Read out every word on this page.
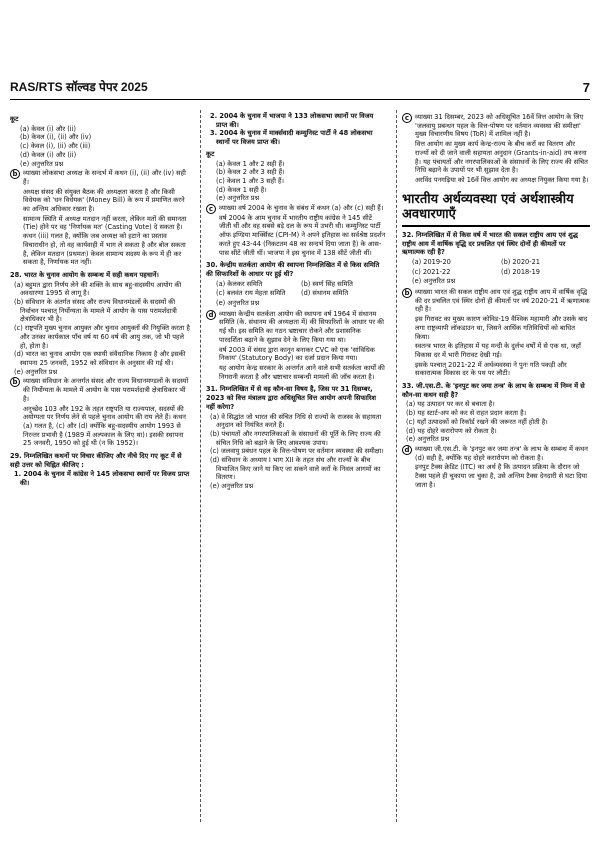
RAS/RTS सॉल्वड पेपर 2025	7

कूट

(a) केवल (i) और (ii)

(b) केवल (i), (ii) और (iv)

(c) केवल (i), (ii) और (iii)

(d) केवल (i) और (ii)

(e) अनुत्तरित प्रश्न

b व्याख्या लोकसभा अध्यक्ष के सन्दर्भ में कथन (i), (ii) और (iv) सही हैं।

अध्यक्ष संसद की संयुक्त बैठक की अध्यक्षता करता है और किसी विधेयक को 'धन विधेयक' (Money Bill) के रूप में प्रमाणित करने का अन्तिम अधिकार रखता है।

सामान्य स्थिति में अध्यक्ष मतदान नहीं करता, लेकिन मतों की समानता (Tie) होने पर वह 'निर्णायक मत' (Casting Vote) दे सकता है। कथन (iii) गलत है, क्योंकि जब अध्यक्ष को हटाने का प्रस्ताव विचाराधीन हो, तो वह कार्यवाही में भाग ले सकता है और बोल सकता है, लेकिन मतदान (प्रथमतः) केवल सामान्य सदस्य के रूप में ही कर सकता है, निर्णायक मत नहीं।

28. भारत के चुनाव आयोग के सम्बन्ध में सही कथन पहचानें।

(a) बहुमत द्वारा निर्णय लेने की शक्ति के साथ बहु-सदस्यीय आयोग की अवधारणा 1995 से लागू है।

(b) संविधान के अंतर्गत संसद और राज्य विधानमंडलों के सदस्यों की निर्वाचन पश्चात् निर्योग्यता के मामले में आयोग के पास परामर्शदात्री क्षेत्राधिकार भी है।

(c) राष्ट्रपति मुख्य चुनाव आयुक्त और चुनाव आयुक्तों की नियुक्ति करता है और उनका कार्यकाल पाँच वर्ष या 60 वर्ष की आयु तक, जो भी पहले हो, होता है।

(d) भारत का चुनाव आयोग एक स्थायी संवैधानिक निकाय है और इसकी स्थापना 25 जनवरी, 1952 को संविधान के अनुसार की गई थी।

(e) अनुत्तरित प्रश्न

b व्याख्या संविधान के अन्तर्गत संसद और राज्य विधानमण्डलों के सदस्यों की निर्योग्यता के मामले में आयोग के पास परामर्शदात्री क्षेत्राधिकार भी है।

अनुच्छेद 103 और 192 के तहत राष्ट्रपति या राज्यपाल, सदस्यों की अयोग्यता पर निर्णय लेने से पहले चुनाव आयोग की राय लेते हैं। कथन (a) गलत है, (c) और (d) क्योंकि बहु-सदस्यीय आयोग 1993 से निरन्तर प्रभावी है (1989 में अल्पकाल के लिए था)। इसकी स्थापना 25 जनवरी, 1950 को हुई थी (न कि 1952)।

29. निम्नलिखित कथनों पर विचार कीजिए और नीचे दिए गए कूट में से सही उत्तर को चिह्नित कीजिए :

1. 2004 के चुनाव में कांग्रेस ने 145 लोकसभा स्थानों पर विजय प्राप्त की।

2. 2004 के चुनाव में भाजपा ने 133 लोकसभा स्थानों पर विजय प्राप्त की।

3. 2004 के चुनाव में मार्क्सवादी कम्युनिस्ट पार्टी ने 48 लोकसभा स्थानों पर विजय प्राप्त की।

कूट

(a) केवल 1 और 2 सही हैं।

(b) केवल 2 और 3 सही हैं।

(c) केवल 1 और 3 सही हैं।

(d) केवल 1 सही है।

(e) अनुत्तरित प्रश्न

c व्याख्या वर्ष 2004 के चुनाव के संबंध में कथन (a) और (c) सही हैं।

वर्ष 2004 के आम चुनाव में भारतीय राष्ट्रीय कांग्रेस ने 145 सीटें जीती थीं और वह सबसे बड़े दल के रूप में उभरी थी। कम्युनिस्ट पार्टी ऑफ इण्डिया मार्क्सिस्ट (CPI-M) ने अपने इतिहास का सर्वश्रेष्ठ प्रदर्शन करते हुए 43-44 (निकटतम 48 का सन्दर्भ दिया जाता है) के आस-पास सीटें जीती थीं। भाजपा ने इस चुनाव में 138 सीटें जीती थीं।

30. केन्द्रीय सतर्कता आयोग की स्थापना निम्नलिखित में से किस समिति की सिफारिशों के आधार पर हुई थी?

(a) केलकर समिति	(b) स्वर्ण सिंह समिति

(c) बलवंत राय मेहता समिति	(d) संथानम समिति

(e) अनुत्तरित प्रश्न

d व्याख्या केन्द्रीय सतर्कता आयोग की स्थापना वर्ष 1964 में संथानम समिति (के. संथानम की अध्यक्षता में) की सिफारिशों के आधार पर की गई थी। इस समिति का गठन भ्रष्टाचार रोकने और प्रशासनिक पारदर्शिता बढ़ाने के सुझाव देने के लिए किया गया था।

वर्ष 2003 में संसद द्वारा कानून बनाकर CVC को एक 'सांविधिक निकाय' (Statutory Body) का दर्जा प्रदान किया गया।

यह आयोग केन्द्र सरकार के अन्तर्गत आने वाले सभी सतर्कता कार्यों की निगरानी करता है और भ्रष्टाचार सम्बन्धी मामलों की जाँच करता है।

31. निम्नलिखित में से वह कौन-सा विषय है, जिस पर 31 दिसम्बर, 2023 को वित्त मंत्रालय द्वारा अधिसूचित वित्त आयोग अपनी सिफारिश नहीं करेगा?

(a) वे सिद्धांत जो भारत की संचित निधि से राज्यों के राजस्व के सहायता अनुदान को नियंत्रित करते हैं।

(b) पंचायतों और नगरपालिकाओं के संसाधनों की पूर्ति के लिए राज्य की संचित निधि को बढ़ाने के लिए आवश्यक उपाय।

(c) जलवायु प्रबंधन पहल के वित्त-पोषण पर वर्तमान व्यवस्था की समीक्षा।

(d) संविधान के अध्याय I भाग XII के तहत संघ और राज्यों के बीच विभाजित किए जाने या किए जा सकने वाले करों के निवल आगमों का वितरण।

(e) अनुत्तरित प्रश्न

c व्याख्या 31 दिसम्बर, 2023 को अधिसूचित 16वें वित्त आयोग के लिए 'जलवायु प्रबन्धन पहल के वित्त-पोषण पर वर्तमान व्यवस्था की समीक्षा' मुख्य विचारणीय विषय (ToR) में शामिल नहीं है।

वित्त आयोग का मुख्य कार्य केन्द्र-राज्य के बीच करों का वितरण और राज्यों को दी जाने वाली सहायता अनुदान (Grants-in-aid) तय करना है। यह पंचायतों और नगरपालिकाओं के संसाधनों के लिए राज्य की संचित निधि बढ़ाने के उपायों पर भी सुझाव देता है।

अरविंद पनगढ़िया को 16वें वित्त आयोग का अध्यक्ष नियुक्त किया गया है।

भारतीय अर्थव्यवस्था एवं अर्थशास्त्रीय अवधारणाएँ

32. निम्नलिखित में से किस वर्ष में भारत की सकल राष्ट्रीय आय एवं शुद्ध राष्ट्रीय आय में वार्षिक वृद्धि दर प्रचलित एवं स्थिर दोनों ही कीमतों पर ऋणात्मक रही है?

(a) 2019-20	(b) 2020-21

(c) 2021-22	(d) 2018-19

(e) अनुत्तरित प्रश्न

b व्याख्या भारत की सकल राष्ट्रीय आय एवं शुद्ध राष्ट्रीय आय में वार्षिक वृद्धि की दर प्रचलित एवं स्थिर दोनों ही कीमतों पर वर्ष 2020-21 में ऋणात्मक रही है।

इस गिरावट का मुख्य कारण कोविड-19 वैश्विक महामारी और उसके बाद लगा राष्ट्रव्यापी लॉकडाउन था, जिसने आर्थिक गतिविधियों को बाधित किया।

स्वतन्त्र भारत के इतिहास में यह मन्दी के दुर्लभ वर्षों में से एक था, जहाँ विकास दर में भारी गिरावट देखी गई।

इसके पश्चात् 2021-22 में अर्थव्यवस्था ने पुनः गति पकड़ी और सकारात्मक विकास दर के पथ पर लौटी।

33. जी.एस.टी. के 'इनपुट कर जमा तन्त्र' के लाभ के सम्बन्ध में निम्न में से कौन-सा कथन सही है?

(a) यह उत्पादन पर कर से बचाता है।

(b) यह स्टार्ट-अप को कर से राहत प्रदान करता है।

(c) यहाँ उत्पादकों को रिकॉर्ड रखने की जरूरत नहीं होती है।

(d) यह दोहरे करारोपण को रोकता है।

(e) अनुत्तरित प्रश्न

d व्याख्या जी.एस.टी. के 'इनपुट कर जमा तन्त्र' के लाभ के सम्बन्ध में कथन (d) सही है, क्योंकि यह दोहरे करारोपण को रोकता है।

इनपुट टैक्स क्रेडिट (ITC) का अर्थ है कि उत्पादन प्रक्रिया के दौरान जो टैक्स पहले ही चुकाया जा चुका है, उसे अन्तिम टैक्स देनदारी से घटा दिया जाता है।
